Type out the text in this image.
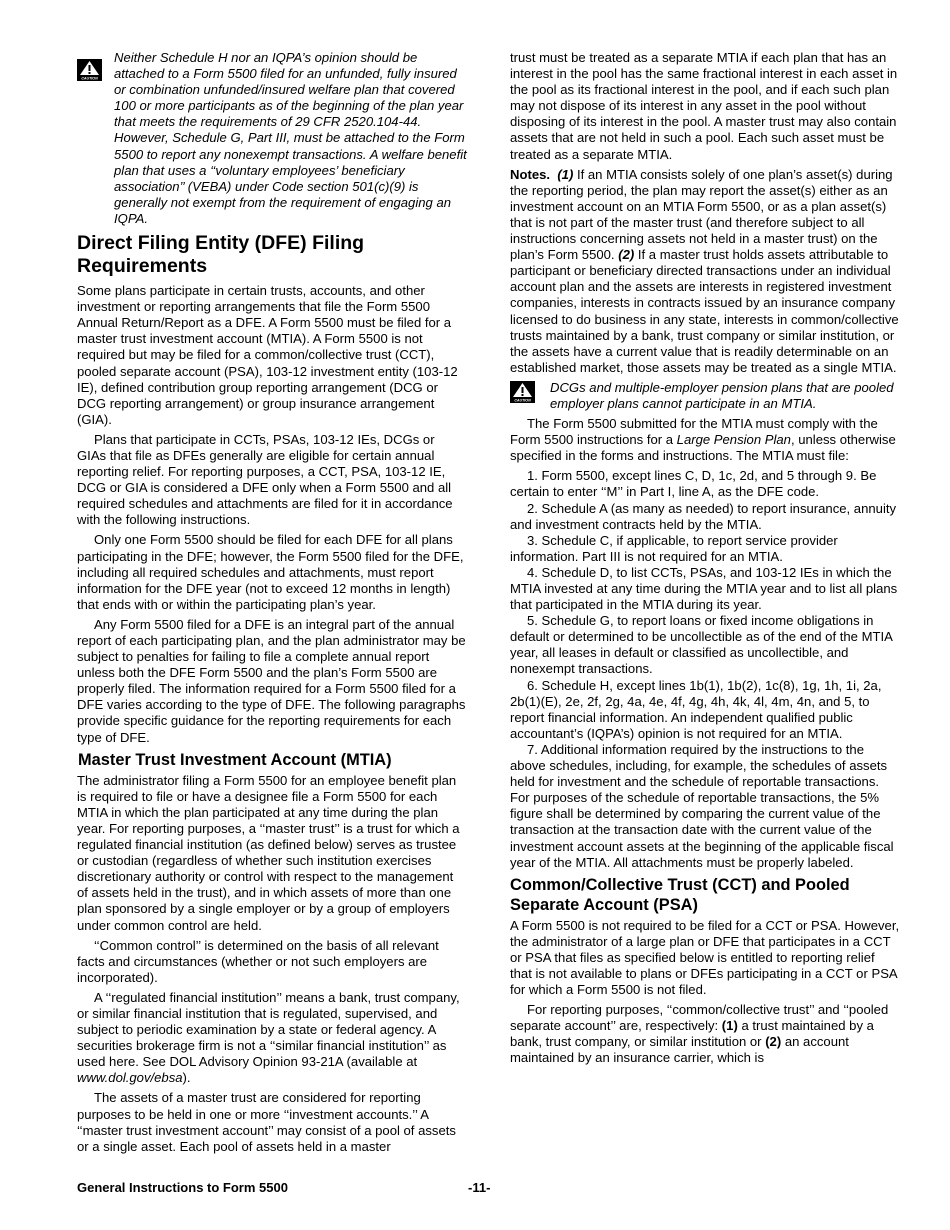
CAUTION
Neither Schedule H nor an IQPA’s opinion should be attached to a Form 5500 filed for an unfunded, fully insured or combination unfunded/insured welfare plan that covered 100 or more participants as of the beginning of the plan year that meets the requirements of 29 CFR 2520.104-44. However, Schedule G, Part III, must be attached to the Form 5500 to report any nonexempt transactions. A welfare benefit plan that uses a ‘‘voluntary employees’ beneficiary association’’ (VEBA) under Code section 501(c)(9) is generally not exempt from the requirement of engaging an IQPA.
Direct Filing Entity (DFE) Filing Requirements

Some plans participate in certain trusts, accounts, and other investment or reporting arrangements that file the Form 5500 Annual Return/Report as a DFE. A Form 5500 must be filed for a master trust investment account (MTIA). A Form 5500 is not required but may be filed for a common/collective trust (CCT), pooled separate account (PSA), 103-12 investment entity (103-12 IE), defined contribution group reporting arrangement (DCG or DCG reporting arrangement) or group insurance arrangement (GIA).

Plans that participate in CCTs, PSAs, 103-12 IEs, DCGs or GIAs that file as DFEs generally are eligible for certain annual reporting relief. For reporting purposes, a CCT, PSA, 103-12 IE, DCG or GIA is considered a DFE only when a Form 5500 and all required schedules and attachments are filed for it in accordance with the following instructions.

Only one Form 5500 should be filed for each DFE for all plans participating in the DFE; however, the Form 5500 filed for the DFE, including all required schedules and attachments, must report information for the DFE year (not to exceed 12 months in length) that ends with or within the participating plan’s year.

Any Form 5500 filed for a DFE is an integral part of the annual report of each participating plan, and the plan administrator may be subject to penalties for failing to file a complete annual report unless both the DFE Form 5500 and the plan’s Form 5500 are properly filed. The information required for a Form 5500 filed for a DFE varies according to the type of DFE. The following paragraphs provide specific guidance for the reporting requirements for each type of DFE.

Master Trust Investment Account (MTIA)

The administrator filing a Form 5500 for an employee benefit plan is required to file or have a designee file a Form 5500 for each MTIA in which the plan participated at any time during the plan year. For reporting purposes, a ‘‘master trust’’ is a trust for which a regulated financial institution (as defined below) serves as trustee or custodian (regardless of whether such institution exercises discretionary authority or control with respect to the management of assets held in the trust), and in which assets of more than one plan sponsored by a single employer or by a group of employers under common control are held.

‘‘Common control’’ is determined on the basis of all relevant facts and circumstances (whether or not such employers are incorporated).

A ‘‘regulated financial institution’’ means a bank, trust company, or similar financial institution that is regulated, supervised, and subject to periodic examination by a state or federal agency. A securities brokerage firm is not a ‘‘similar financial institution’’ as used here. See DOL Advisory Opinion 93-21A (available at www.dol.gov/ebsa).

The assets of a master trust are considered for reporting purposes to be held in one or more ‘‘investment accounts.’’ A ‘‘master trust investment account’’ may consist of a pool of assets or a single asset. Each pool of assets held in a master

trust must be treated as a separate MTIA if each plan that has an interest in the pool has the same fractional interest in each asset in the pool as its fractional interest in the pool, and if each such plan may not dispose of its interest in any asset in the pool without disposing of its interest in the pool. A master trust may also contain assets that are not held in such a pool. Each such asset must be treated as a separate MTIA.

Notes. (1) If an MTIA consists solely of one plan’s asset(s) during the reporting period, the plan may report the asset(s) either as an investment account on an MTIA Form 5500, or as a plan asset(s) that is not part of the master trust (and therefore subject to all instructions concerning assets not held in a master trust) on the plan’s Form 5500. (2) If a master trust holds assets attributable to participant or beneficiary directed transactions under an individual account plan and the assets are interests in registered investment companies, interests in contracts issued by an insurance company licensed to do business in any state, interests in common/collective trusts maintained by a bank, trust company or similar institution, or the assets have a current value that is readily determinable on an established market, those assets may be treated as a single MTIA.

CAUTION
DCGs and multiple-employer pension plans that are pooled employer plans cannot participate in an MTIA.

The Form 5500 submitted for the MTIA must comply with the Form 5500 instructions for a Large Pension Plan, unless otherwise specified in the forms and instructions. The MTIA must file:

1. Form 5500, except lines C, D, 1c, 2d, and 5 through 9. Be certain to enter ‘‘M’’ in Part I, line A, as the DFE code.

2. Schedule A (as many as needed) to report insurance, annuity and investment contracts held by the MTIA.

3. Schedule C, if applicable, to report service provider information. Part III is not required for an MTIA.

4. Schedule D, to list CCTs, PSAs, and 103-12 IEs in which the MTIA invested at any time during the MTIA year and to list all plans that participated in the MTIA during its year.

5. Schedule G, to report loans or fixed income obligations in default or determined to be uncollectible as of the end of the MTIA year, all leases in default or classified as uncollectible, and nonexempt transactions.

6. Schedule H, except lines 1b(1), 1b(2), 1c(8), 1g, 1h, 1i, 2a, 2b(1)(E), 2e, 2f, 2g, 4a, 4e, 4f, 4g, 4h, 4k, 4l, 4m, 4n, and 5, to report financial information. An independent qualified public accountant’s (IQPA’s) opinion is not required for an MTIA.

7. Additional information required by the instructions to the above schedules, including, for example, the schedules of assets held for investment and the schedule of reportable transactions. For purposes of the schedule of reportable transactions, the 5% figure shall be determined by comparing the current value of the transaction at the transaction date with the current value of the investment account assets at the beginning of the applicable fiscal year of the MTIA. All attachments must be properly labeled.

Common/Collective Trust (CCT) and Pooled Separate Account (PSA)

A Form 5500 is not required to be filed for a CCT or PSA. However, the administrator of a large plan or DFE that participates in a CCT or PSA that files as specified below is entitled to reporting relief that is not available to plans or DFEs participating in a CCT or PSA for which a Form 5500 is not filed.

For reporting purposes, ‘‘common/collective trust’’ and ‘‘pooled separate account’’ are, respectively: (1) a trust maintained by a bank, trust company, or similar institution or (2) an account maintained by an insurance carrier, which is

General Instructions to Form 5500	-11-
